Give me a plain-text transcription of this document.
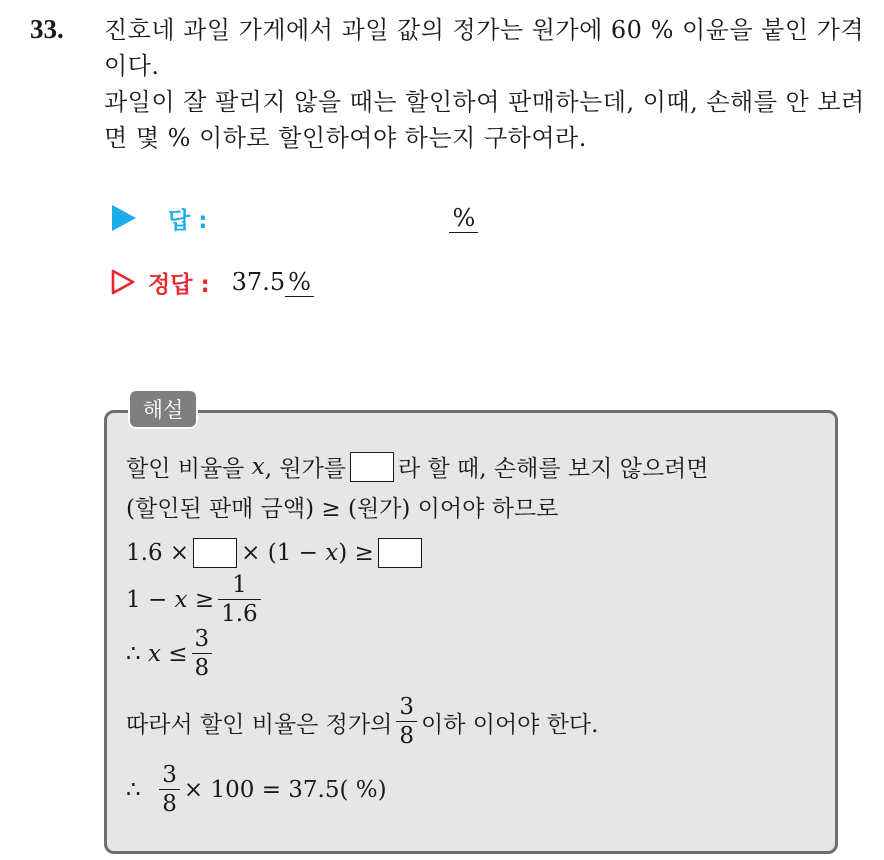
33. 진호네 과일 가게에서 과일 값의 정가는 원가에 60 % 이윤을 붙인 가격이다.

과일이 잘 팔리지 않을 때는 할인하여 판매하는데, 이때, 손해를 안 보려면 몇 % 이하로 할인하여야 하는지 구하여라.

답 :	%
정답 : 37.5 %
해설
할인 비율을
x , 원가를 라 할 때, 손해를 보지 않으려면
(할인된 판매 금액) ≥ (원가) 이어야 하므로
1.6 × × (1 −
x ) ≥
1 −
x
≥ $\frac{1}{1.6}$
∴
x
≤ $\frac{3}{8}$
따라서 할인 비율은 정가의 $\frac{3}{8}$ 이하 이어야 한다.
∴
$\frac{3}{8} \times 100 = 37.5$( %)
